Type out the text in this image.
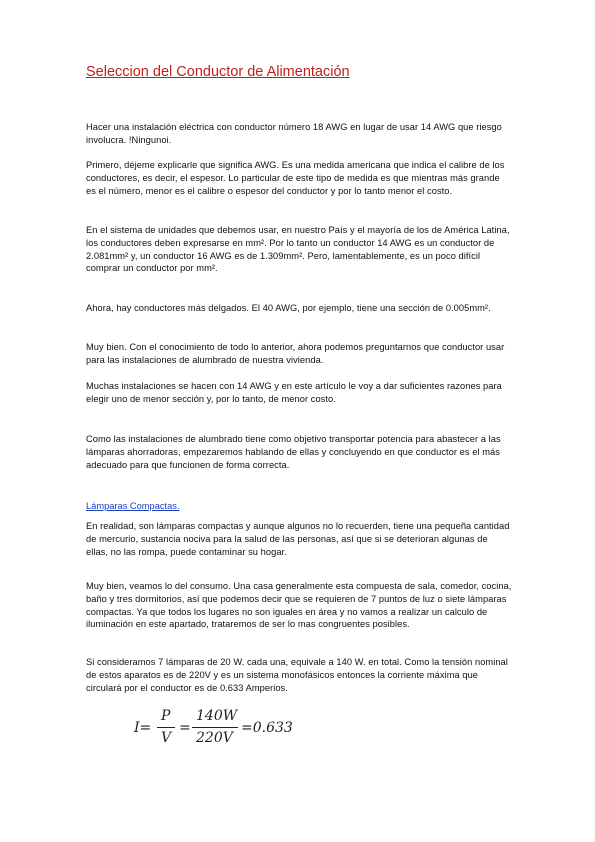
Seleccion del Conductor de Alimentación

Hacer una instalación eléctrica con conductor número 18 AWG en lugar de usar 14 AWG que riesgo involucra. !Ningunoi.

Primero, déjeme explicarle que significa AWG. Es una medida americana que indica el calibre de los conductores, es decir, el espesor. Lo particular de este tipo de medida es que mientras más grande es el número, menor es el calibre o espesor del conductor y por lo tanto menor el costo.

En el sistema de unidades que debemos usar, en nuestro País y el mayoría de los de América Latina, los conductores deben expresarse en mm². Por lo tanto un conductor 14 AWG es un conductor de 2.081mm² y, un conductor 16 AWG es de 1.309mm². Pero, lamentablemente, es un poco difícil comprar un conductor por mm².

Ahora, hay conductores más delgados. El 40 AWG, por ejemplo, tiene una sección de 0.005mm².

Muy bien. Con el conocimiento de todo lo anterior, ahora podemos preguntarnos que conductor usar para las instalaciones de alumbrado de nuestra vivienda.

Muchas instalaciones se hacen con 14 AWG y en este artículo le voy a dar suficientes razones para elegir uno de menor sección y, por lo tanto, de menor costo.

Como las instalaciones de alumbrado tiene como objetivo transportar potencia para abastecer a las lámparas ahorradoras, empezaremos hablando de ellas y concluyendo en que conductor es el más adecuado para que funcionen de forma correcta.

Lámparas Compactas.

En realidad, son lámparas compactas y aunque algunos no lo recuerden, tiene una pequeña cantidad de mercurio, sustancia nociva para la salud de las personas, así que si se deterioran algunas de ellas, no las rompa, puede contaminar su hogar.

Muy bien, veamos lo del consumo. Una casa generalmente esta compuesta de sala, comedor, cocina, baño y tres dormitorios, así que podemos decir que se requieren de 7 puntos de luz o siete lámparas compactas. Ya que todos los lugares no son iguales en área y no vamos a realizar un calculo de iluminación en este apartado, trataremos de ser lo mas congruentes posibles.

Si consideramos 7 lámparas de 20 W. cada una, equivale a 140 W. en total. Como la tensión nominal de estos aparatos es de 220V y es un sistema monofásicos entonces la corriente máxima que circulará por el conductor es de 0.633 Amperios.

I=
P
V
=
140W
220V
=0.633
